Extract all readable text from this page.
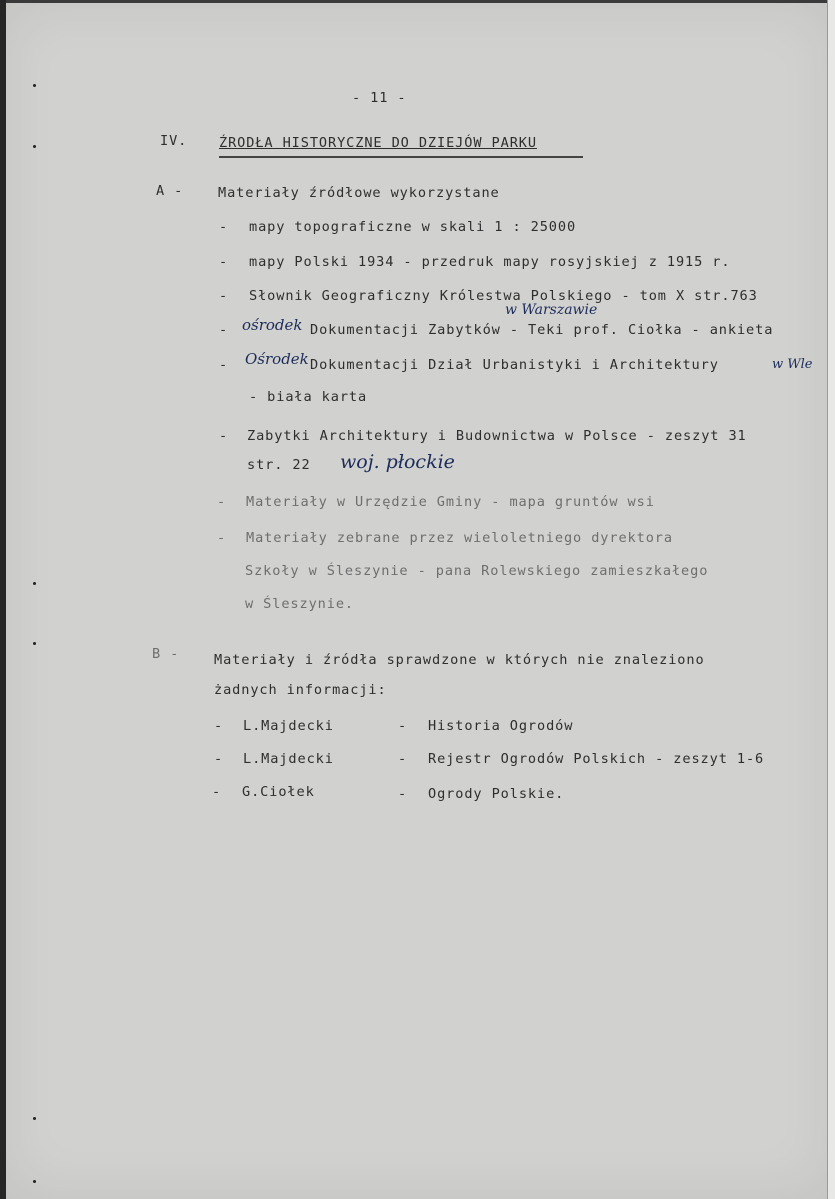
- 11 -
IV. ŹRODŁA HISTORYCZNE DO DZIEJÓW PARKU
A -	Materiały źródłowe wykorzystane
- mapy topograficzne w skali 1 : 25000
- mapy Polski 1934 - przedruk mapy rosyjskiej z 1915 r.
- Słownik Geograficzny Królestwa Polskiego - tom X str.763
- ośrodek
w Warszawie
Dokumentacji Zabytków - Teki prof. Ciołka - ankieta
- Ośrodek Dokumentacji Dział Urbanistyki i Architektury	w Wle
- biała karta
- Zabytki Architektury i Budownictwa w Polsce - zeszyt 31
str. 22 woj. płockie
- Materiały w Urzędzie Gminy - mapa gruntów wsi
- Materiały zebrane przez wieloletniego dyrektora
Szkoły w Śleszynie - pana Rolewskiego zamieszkałego
w Śleszynie.
B -	Materiały i źródła sprawdzone w których nie znaleziono
żadnych informacji:
- L.Majdecki	- Historia Ogrodów
- L.Majdecki	- Rejestr Ogrodów Polskich - zeszyt 1-6
- G.Ciołek	- Ogrody Polskie.
